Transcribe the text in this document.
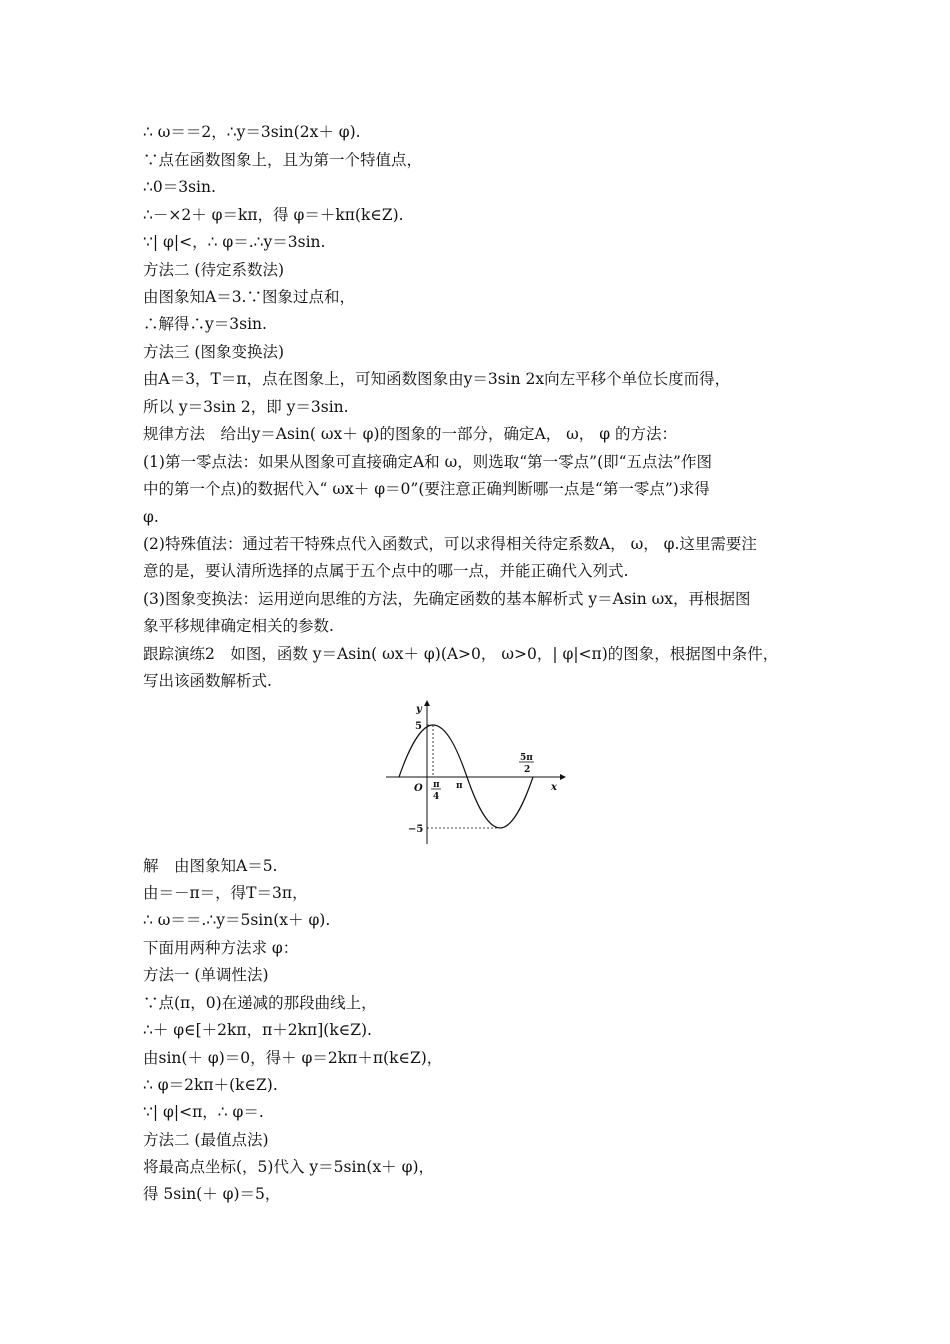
∴ ω＝＝2，∴y＝3sin(2x＋ φ).
∵点在函数图象上，且为第一个特值点，
∴0＝3sin.
∴－×2＋ φ＝kπ，得 φ＝＋kπ(k∈Z).
∵| φ|<，∴ φ＝.∴y＝3sin.
方法二 (待定系数法)
由图象知A＝3.∵图象过点和，
∴解得∴y＝3sin.
方法三 (图象变换法)
由A＝3，T＝π，点在图象上，可知函数图象由y＝3sin 2x向左平移个单位长度而得，
所以 y＝3sin 2，即 y＝3sin.
规律方法　给出y＝Asin( ωx＋ φ)的图象的一部分，确定A， ω， φ 的方法：
(1)第一零点法：如果从图象可直接确定A和 ω，则选取“第一零点”(即“五点法”作图
中的第一个点)的数据代入“ ωx＋ φ＝0”(要注意正确判断哪一点是“第一零点”)求得
φ.
(2)特殊值法：通过若干特殊点代入函数式，可以求得相关待定系数A， ω， φ.这里需要注
意的是，要认清所选择的点属于五个点中的哪一点，并能正确代入列式.
(3)图象变换法：运用逆向思维的方法，先确定函数的基本解析式 y＝Asin ωx，再根据图
象平移规律确定相关的参数.
跟踪演练2　如图，函数 y＝Asin( ωx＋ φ)(A>0， ω>0，| φ|<π)的图象，根据图中条件，
写出该函数解析式.
解　由图象知A＝5.
由＝－π＝，得T＝3π，
∴ ω＝＝.∴y＝5sin(x＋ φ).
下面用两种方法求 φ：
方法一 (单调性法)
∵点(π，0)在递减的那段曲线上，
∴＋ φ∈[＋2kπ，π＋2kπ](k∈Z).
由sin(＋ φ)＝0，得＋ φ＝2kπ＋π(k∈Z)，
∴ φ＝2kπ＋(k∈Z).
∵| φ|<π，∴ φ＝.
方法二 (最值点法)
将最高点坐标(，5)代入 y＝5sin(x＋ φ)，
得 5sin(＋ φ)＝5，
y
x
O
5
−5
π
4
π
5π
2
